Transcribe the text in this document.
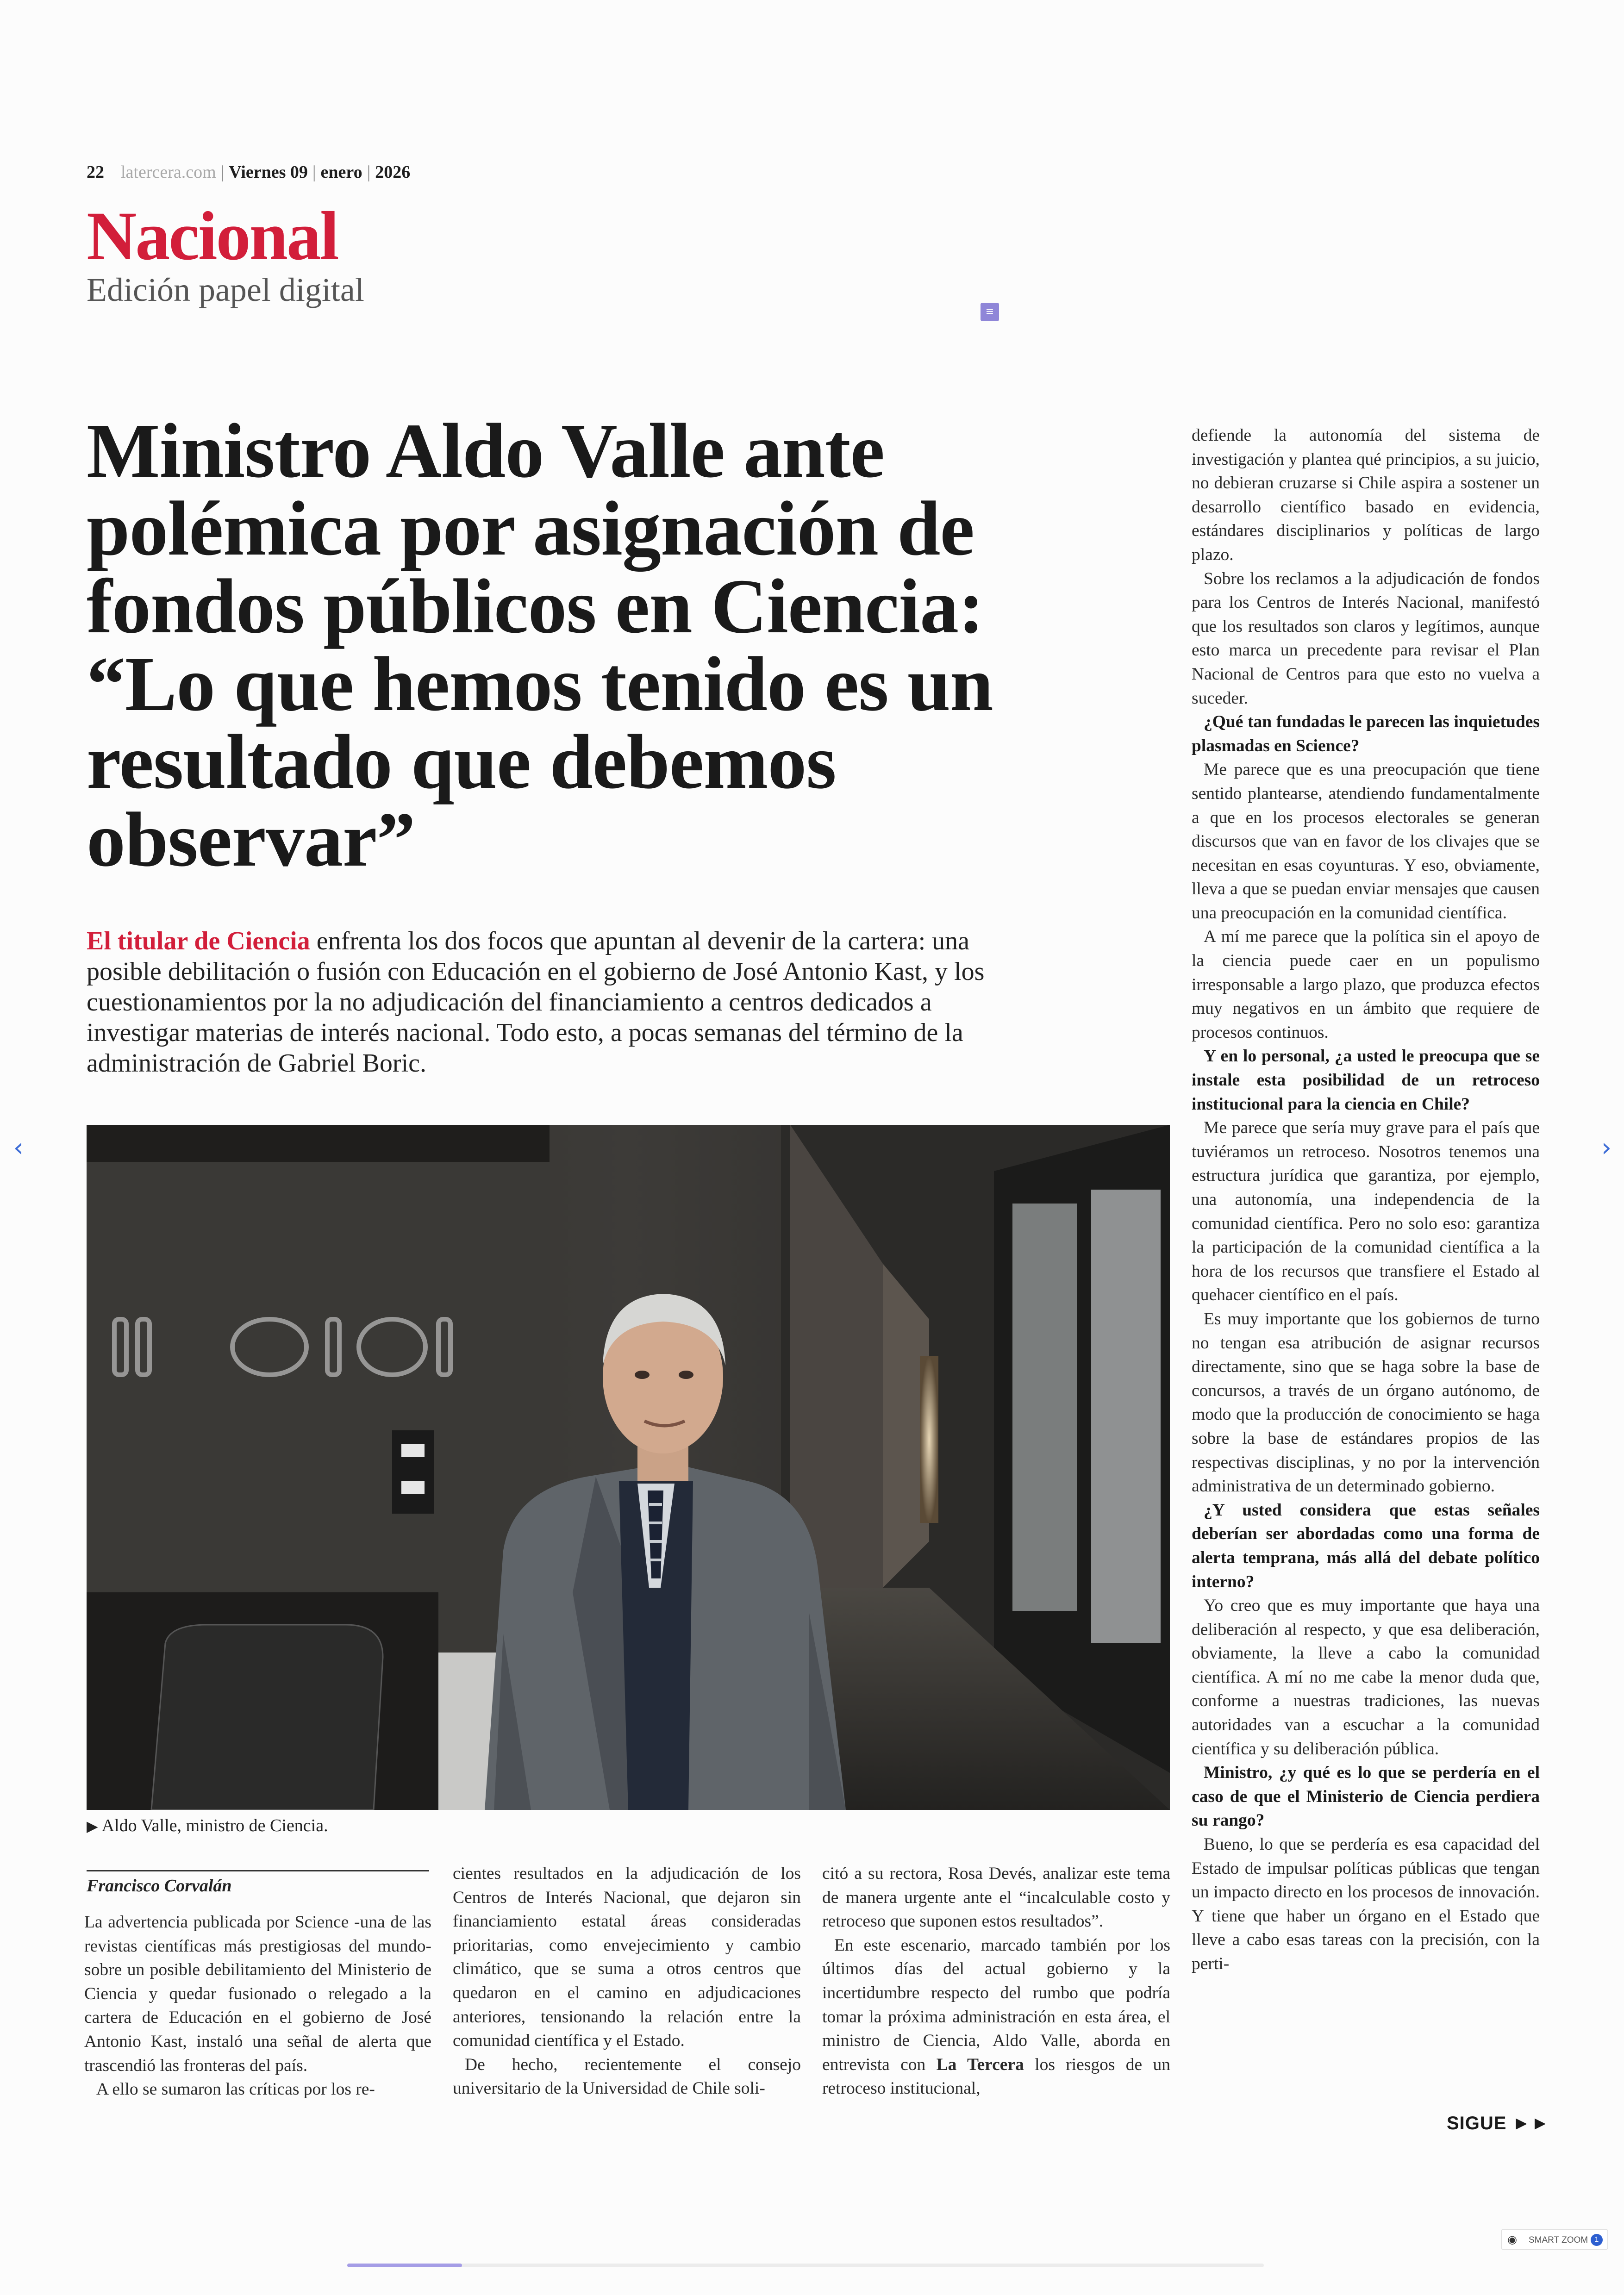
22 latercera.com | Viernes 09 | enero | 2026
Nacional
Edición papel digital
≡
Ministro Aldo Valle ante polémica por asignación de fondos públicos en Ciencia: “Lo que hemos tenido es un resultado que debemos observar”

El titular de Ciencia enfrenta los dos focos que apuntan al devenir de la cartera: una posible debilitación o fusión con Educación en el gobierno de José Antonio Kast, y los cuestionamientos por la no adjudicación del financiamiento a centros dedicados a investigar materias de interés nacional. Todo esto, a pocas semanas del término de la administración de Gabriel Boric.

▶ Aldo Valle, ministro de Ciencia.
Francisco Corvalán

La advertencia publicada por Science -una de las revistas científicas más prestigiosas del mundo- sobre un posible debilitamiento del Ministerio de Ciencia y quedar fusionado o relegado a la cartera de Educación en el gobierno de José Antonio Kast, instaló una señal de alerta que trascendió las fronteras del país.

A ello se sumaron las críticas por los re-

cientes resultados en la adjudicación de los Centros de Interés Nacional, que dejaron sin financiamiento estatal áreas consideradas prioritarias, como envejecimiento y cambio climático, que se suma a otros centros que quedaron en el camino en adjudicaciones anteriores, tensionando la relación entre la comunidad científica y el Estado.

De hecho, recientemente el consejo universitario de la Universidad de Chile soli-

citó a su rectora, Rosa Devés, analizar este tema de manera urgente ante el “incalculable costo y retroceso que suponen estos resultados”.

En este escenario, marcado también por los últimos días del actual gobierno y la incertidumbre respecto del rumbo que podría tomar la próxima administración en esta área, el ministro de Ciencia, Aldo Valle, aborda en entrevista con La Tercera los riesgos de un retroceso institucional,

defiende la autonomía del sistema de investigación y plantea qué principios, a su juicio, no debieran cruzarse si Chile aspira a sostener un desarrollo científico basado en evidencia, estándares disciplinarios y políticas de largo plazo.

Sobre los reclamos a la adjudicación de fondos para los Centros de Interés Nacional, manifestó que los resultados son claros y legítimos, aunque esto marca un precedente para revisar el Plan Nacional de Centros para que esto no vuelva a suceder.

¿Qué tan fundadas le parecen las inquietudes plasmadas en Science?

Me parece que es una preocupación que tiene sentido plantearse, atendiendo fundamentalmente a que en los procesos electorales se generan discursos que van en favor de los clivajes que se necesitan en esas coyunturas. Y eso, obviamente, lleva a que se puedan enviar mensajes que causen una preocupación en la comunidad científica.

A mí me parece que la política sin el apoyo de la ciencia puede caer en un populismo irresponsable a largo plazo, que produzca efectos muy negativos en un ámbito que requiere de procesos continuos.

Y en lo personal, ¿a usted le preocupa que se instale esta posibilidad de un retroceso institucional para la ciencia en Chile?

Me parece que sería muy grave para el país que tuviéramos un retroceso. Nosotros tenemos una estructura jurídica que garantiza, por ejemplo, una autonomía, una independencia de la comunidad científica. Pero no solo eso: garantiza la participación de la comunidad científica a la hora de los recursos que transfiere el Estado al quehacer científico en el país.

Es muy importante que los gobiernos de turno no tengan esa atribución de asignar recursos directamente, sino que se haga sobre la base de concursos, a través de un órgano autónomo, de modo que la producción de conocimiento se haga sobre la base de estándares propios de las respectivas disciplinas, y no por la intervención administrativa de un determinado gobierno.

¿Y usted considera que estas señales deberían ser abordadas como una forma de alerta temprana, más allá del debate político interno?

Yo creo que es muy importante que haya una deliberación al respecto, y que esa deliberación, obviamente, la lleve a cabo la comunidad científica. A mí no me cabe la menor duda que, conforme a nuestras tradiciones, las nuevas autoridades van a escuchar a la comunidad científica y su deliberación pública.

Ministro, ¿y qué es lo que se perdería en el caso de que el Ministerio de Ciencia perdiera su rango?

Bueno, lo que se perdería es esa capacidad del Estado de impulsar políticas públicas que tengan un impacto directo en los procesos de innovación. Y tiene que haber un órgano en el Estado que lleve a cabo esas tareas con la precisión, con la perti-

SIGUE ►►
‹	›
◉ SMART ZOOM 1
